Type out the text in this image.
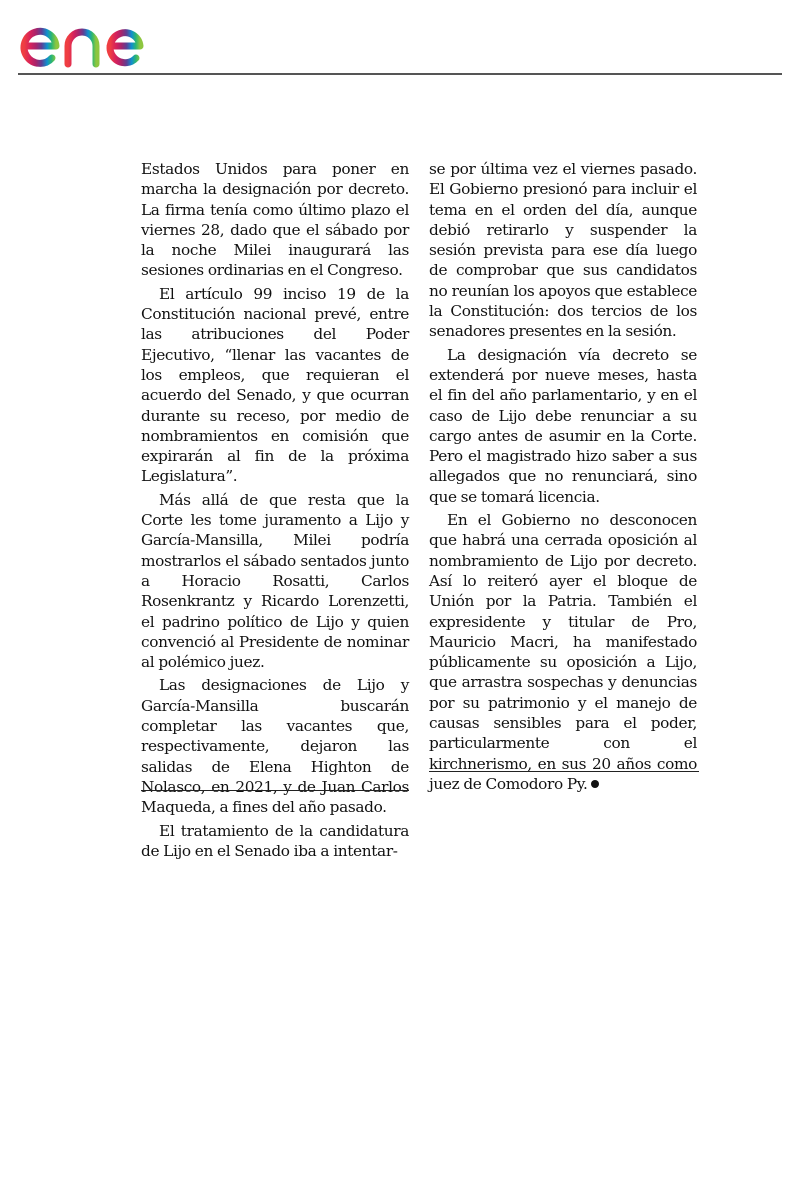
Estados Unidos para poner en marcha la designación por decreto. La firma tenía como último plazo el viernes 28, dado que el sábado por la noche Milei inaugurará las sesiones ordinarias en el Congreso.

El artículo 99 inciso 19 de la Constitución nacional prevé, entre las atribuciones del Poder Ejecutivo, “llenar las vacantes de los empleos, que requieran el acuerdo del Senado, y que ocurran durante su receso, por medio de nombramientos en comisión que expirarán al fin de la próxima Legislatura”.

Más allá de que resta que la Corte les tome juramento a Lijo y García-Mansilla, Milei podría mostrarlos el sábado sentados junto a Horacio Rosatti, Carlos Rosenkrantz y Ricardo Lorenzetti, el padrino político de Lijo y quien convenció al Presidente de nominar al polémico juez.

Las designaciones de Lijo y García-Mansilla buscarán completar las vacantes que, respectivamente, dejaron las salidas de Elena Highton de Nolasco, en 2021, y de Juan Carlos Maqueda, a fines del año pasado.

El tratamiento de la candidatura de Lijo en el Senado iba a intentar-

se por última vez el viernes pasado. El Gobierno presionó para incluir el tema en el orden del día, aunque debió retirarlo y suspender la sesión prevista para ese día luego de comprobar que sus candidatos no reunían los apoyos que establece la Constitución: dos tercios de los senadores presentes en la sesión.

La designación vía decreto se extenderá por nueve meses, hasta el fin del año parlamentario, y en el caso de Lijo debe renunciar a su cargo antes de asumir en la Corte. Pero el magistrado hizo saber a sus allegados que no renunciará, sino que se tomará licencia.

En el Gobierno no desconocen que habrá una cerrada oposición al nombramiento de Lijo por decreto. Así lo reiteró ayer el bloque de Unión por la Patria. También el expresidente y titular de Pro, Mauricio Macri, ha manifestado públicamente su oposición a Lijo, que arrastra sospechas y denuncias por su patrimonio y el manejo de causas sensibles para el poder, particularmente con el kirchnerismo, en sus 20 años como juez de Comodoro Py.
